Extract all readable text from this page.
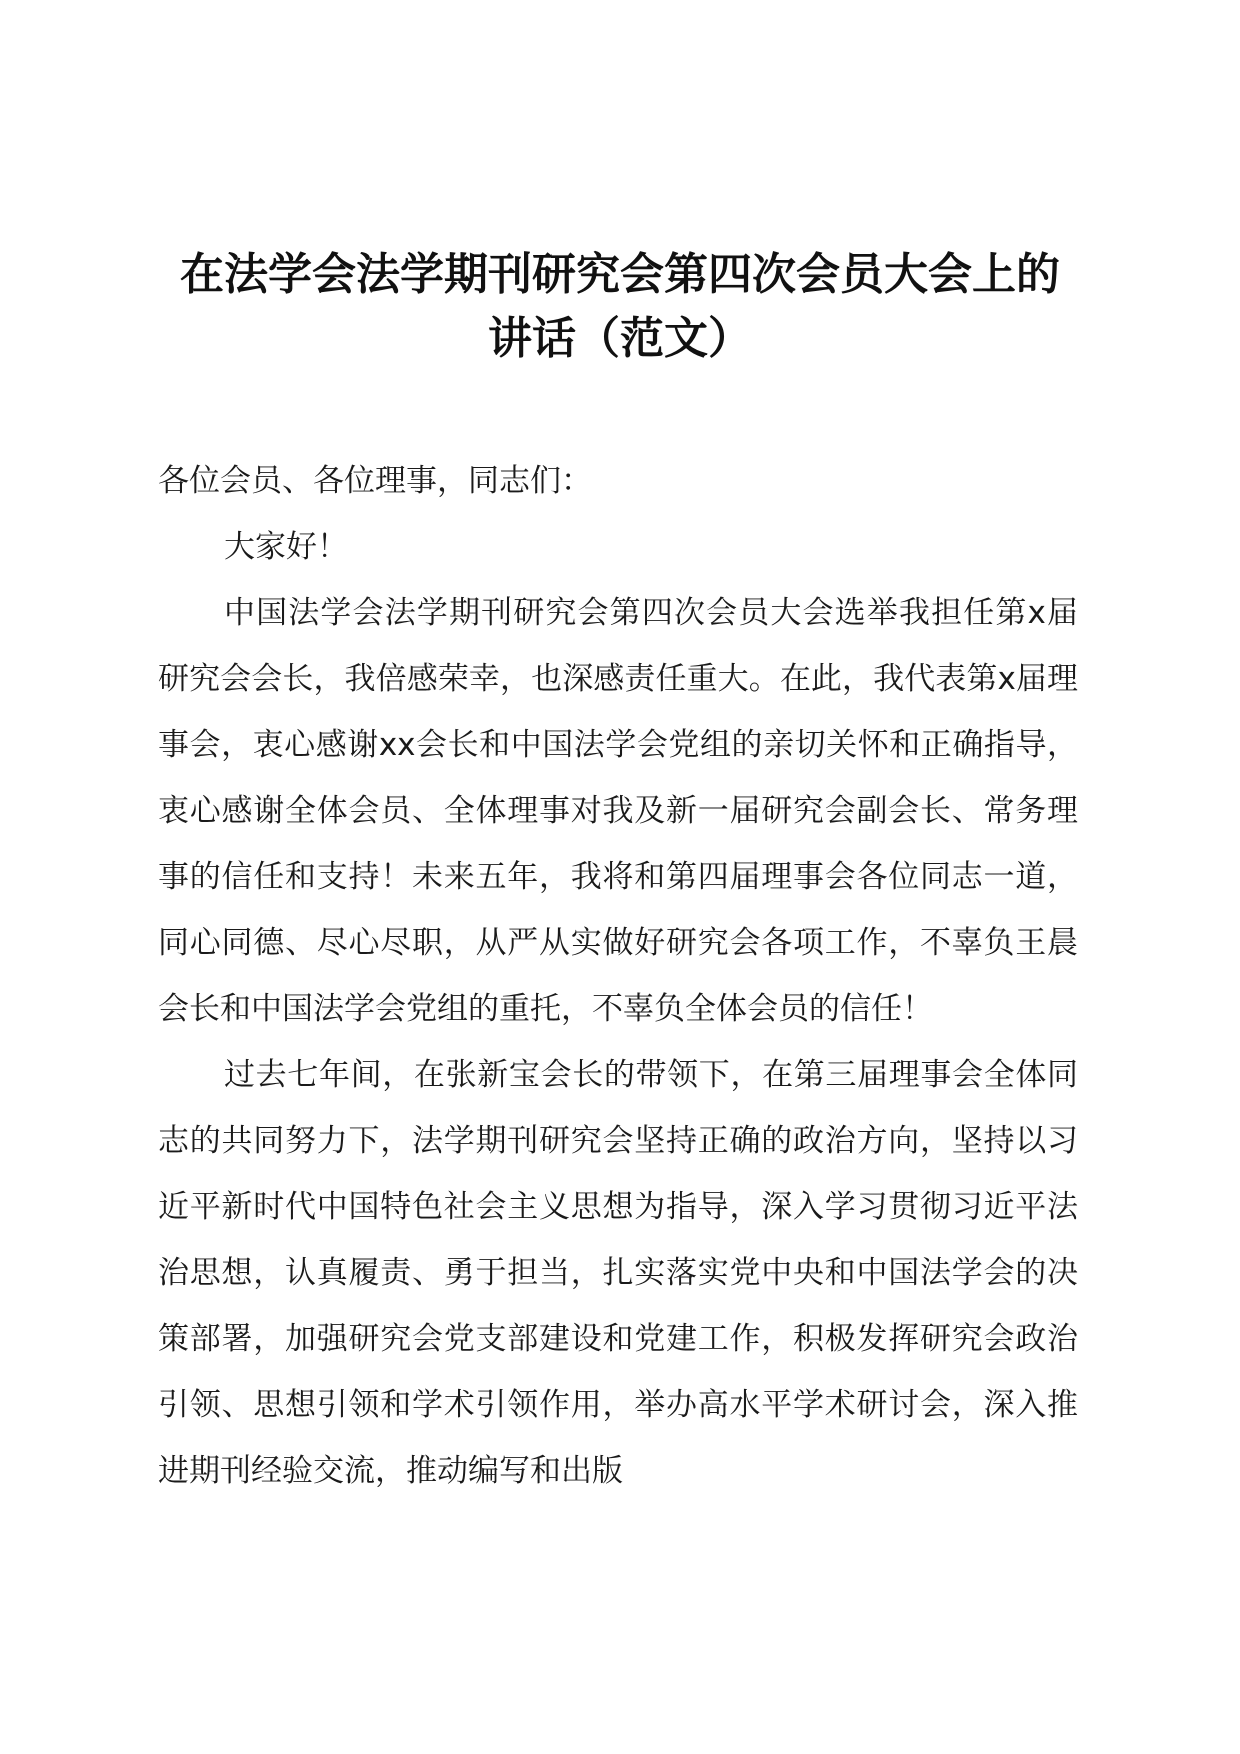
在法学会法学期刊研究会第四次会员大会上的
讲话（范文）

各位会员、各位理事，同志们：

大家好！

中国法学会法学期刊研究会第四次会员大会选举我担任第x届研究会会长，我倍感荣幸，也深感责任重大。在此，我代表第x届理事会，衷心感谢xx会长和中国法学会党组的亲切关怀和正确指导，衷心感谢全体会员、全体理事对我及新一届研究会副会长、常务理事的信任和支持！未来五年，我将和第四届理事会各位同志一道，同心同德、尽心尽职，从严从实做好研究会各项工作，不辜负王晨会长和中国法学会党组的重托，不辜负全体会员的信任！

过去七年间，在张新宝会长的带领下，在第三届理事会全体同志的共同努力下，法学期刊研究会坚持正确的政治方向，坚持以习近平新时代中国特色社会主义思想为指导，深入学习贯彻习近平法治思想，认真履责、勇于担当，扎实落实党中央和中国法学会的决策部署，加强研究会党支部建设和党建工作，积极发挥研究会政治引领、思想引领和学术引领作用，举办高水平学术研讨会，深入推进期刊经验交流，推动编写和出版
